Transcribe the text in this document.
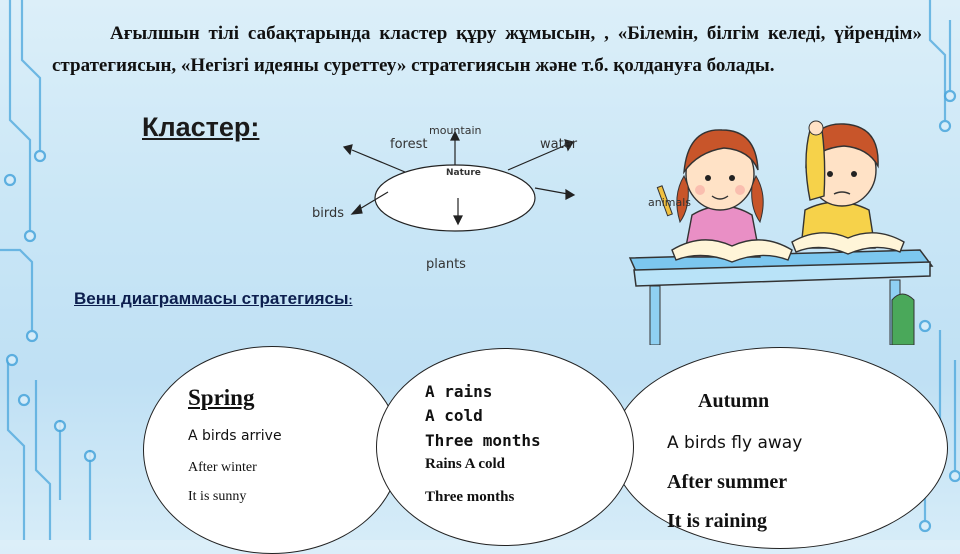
Ағылшын тілі сабақтарында кластер құру жұмысын, , «Білемін, білгім келеді, үйрендім» стратегиясын, «Негізгі идеяны суреттеу» стратегиясын және т.б. қолдануға болады.

Кластер:
Nature
mountain
forest	water
birds
plants
animals

Венн диаграммасы стратегиясы:

Spring

A birds arrive

After winter

It is sunny

A rains

A cold

Three months

Rains A cold

Three months

Autumn

A birds fly away

After summer

It is raining
